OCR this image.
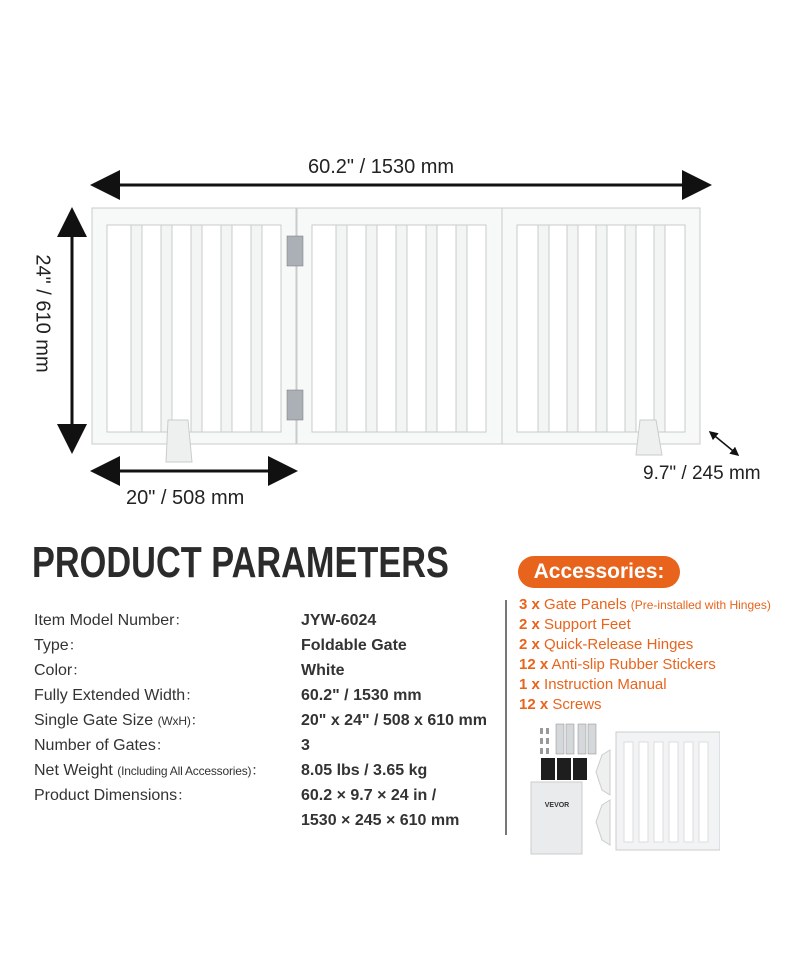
60.2" / 1530 mm
24" / 610 mm
20" / 508 mm
9.7" / 245 mm
PRODUCT PARAMETERS
Item Model Number：	JYW-6024
Type：	Foldable Gate
Color：	White
Fully Extended Width：	60.2" / 1530 mm
Single Gate Size (WxH)：	20" x 24" / 508 x 610 mm
Number of Gates：	3
Net Weight (Including All Accessories)： 8.05 lbs / 3.65 kg
Product Dimensions：	60.2 × 9.7 × 24 in /
1530 × 245 × 610 mm
Accessories:
3 x Gate Panels (Pre-installed with Hinges)
2 x Support Feet
2 x Quick-Release Hinges
12 x Anti-slip Rubber Stickers
1 x Instruction Manual
12 x Screws
VEVOR
